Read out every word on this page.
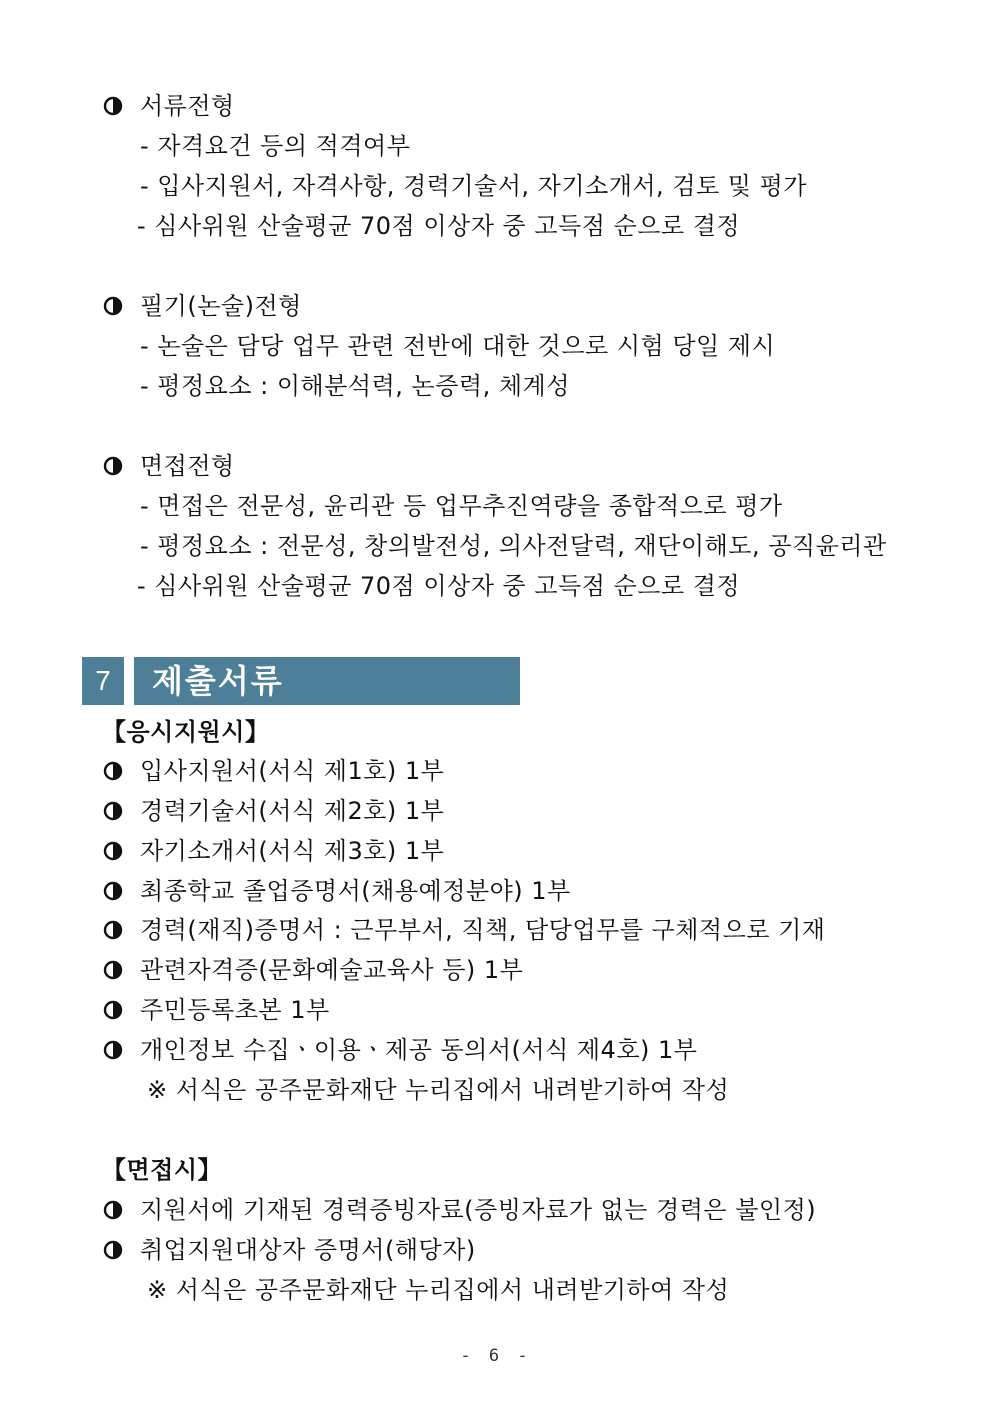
서류전형
- 자격요건 등의 적격여부
- 입사지원서, 자격사항, 경력기술서, 자기소개서, 검토 및 평가
- 심사위원 산술평균 70점 이상자 중 고득점 순으로 결정
필기(논술)전형
- 논술은 담당 업무 관련 전반에 대한 것으로 시험 당일 제시
- 평정요소 : 이해분석력, 논증력, 체계성
면접전형
- 면접은 전문성, 윤리관 등 업무추진역량을 종합적으로 평가
- 평정요소 : 전문성, 창의발전성, 의사전달력, 재단이해도, 공직윤리관
- 심사위원 산술평균 70점 이상자 중 고득점 순으로 결정
7	제출서류
【응시지원시】
입사지원서(서식 제1호) 1부
경력기술서(서식 제2호) 1부
자기소개서(서식 제3호) 1부
최종학교 졸업증명서(채용예정분야) 1부
경력(재직)증명서 : 근무부서, 직책, 담당업무를 구체적으로 기재
관련자격증(문화예술교육사 등) 1부
주민등록초본 1부
개인정보 수집ㆍ이용ㆍ제공 동의서(서식 제4호) 1부
※ 서식은 공주문화재단 누리집에서 내려받기하여 작성
【면접시】
지원서에 기재된 경력증빙자료(증빙자료가 없는 경력은 불인정)
취업지원대상자 증명서(해당자)
※ 서식은 공주문화재단 누리집에서 내려받기하여 작성
- 6 -
